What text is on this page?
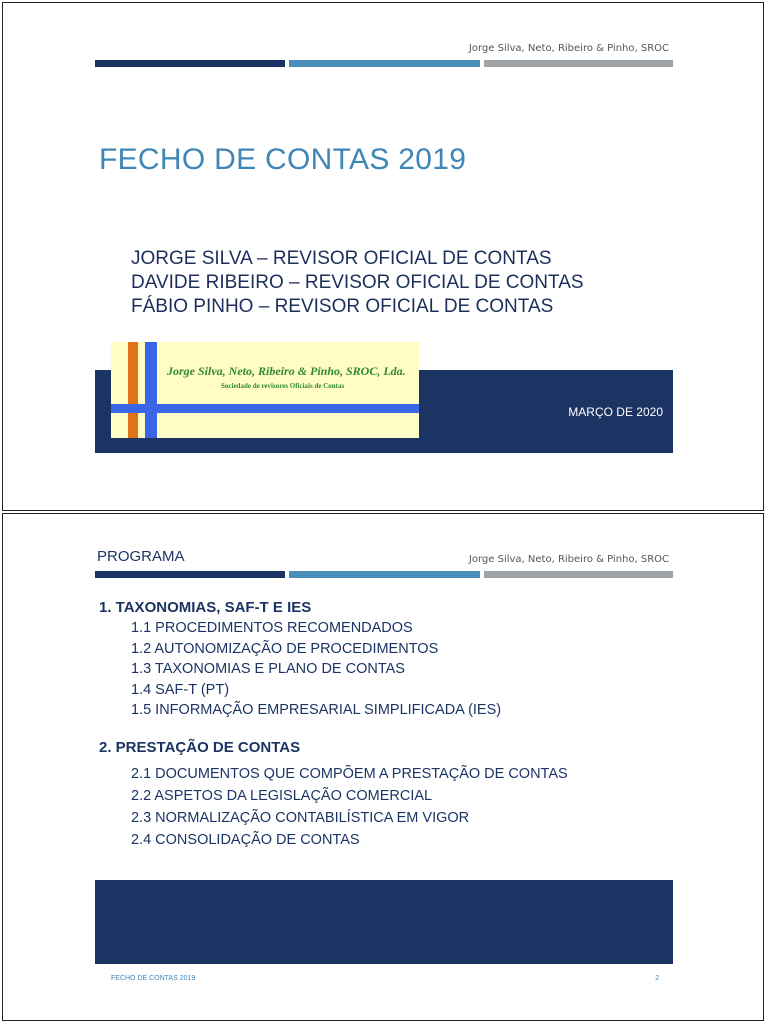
Jorge Silva, Neto, Ribeiro & Pinho, SROC
FECHO DE CONTAS 2019
JORGE SILVA – REVISOR OFICIAL DE CONTAS
DAVIDE RIBEIRO – REVISOR OFICIAL DE CONTAS
FÁBIO PINHO – REVISOR OFICIAL DE CONTAS
Jorge Silva, Neto, Ribeiro & Pinho, SROC, Lda.
Sociedade de revisores Oficiais de Contas
MARÇO DE 2020
PROGRAMA	Jorge Silva, Neto, Ribeiro & Pinho, SROC
1. TAXONOMIAS, SAF-T E IES
1.1 PROCEDIMENTOS RECOMENDADOS
1.2 AUTONOMIZAÇÃO DE PROCEDIMENTOS
1.3 TAXONOMIAS E PLANO DE CONTAS
1.4 SAF-T (PT)
1.5 INFORMAÇÃO EMPRESARIAL SIMPLIFICADA (IES)
2. PRESTAÇÃO DE CONTAS
2.1 DOCUMENTOS QUE COMPÕEM A PRESTAÇÃO DE CONTAS
2.2 ASPETOS DA LEGISLAÇÃO COMERCIAL
2.3 NORMALIZAÇÃO CONTABILÍSTICA EM VIGOR
2.4 CONSOLIDAÇÃO DE CONTAS
FECHO DE CONTAS 2019	2
